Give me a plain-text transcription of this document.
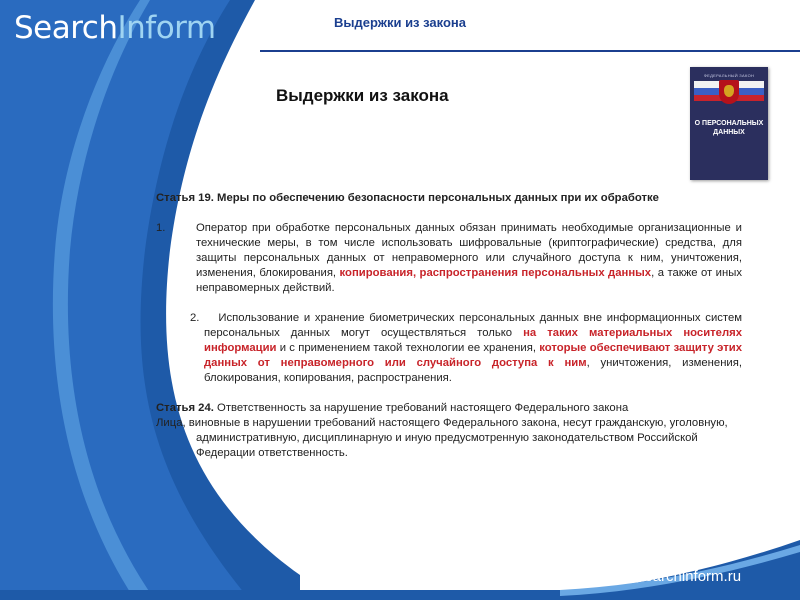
SearchInform	Выдержки из закона
Выдержки из закона
ФЕДЕРАЛЬНЫЙ ЗАКОН
О ПЕРСОНАЛЬНЫХ ДАННЫХ
Статья 19. Меры по обеспечению безопасности персональных данных при их обработке
1.	Оператор при обработке персональных данных обязан принимать необходимые организационные и технические меры, в том числе использовать шифровальные (криптографические) средства, для защиты персональных данных от неправомерного или случайного доступа к ним, уничтожения, изменения, блокирования, копирования, распространения персональных данных, а также от иных неправомерных действий.
2. Использование и хранение биометрических персональных данных вне информационных систем персональных данных могут осуществляться только на таких материальных носителях информации и с применением такой технологии ее хранения, которые обеспечивают защиту этих данных от неправомерного или случайного доступа к ним, уничтожения, изменения, блокирования, копирования, распространения.
Статья 24. Ответственность за нарушение требований настоящего Федерального закона
Лица, виновные в нарушении требований настоящего Федерального закона, несут гражданскую, уголовную, административную, дисциплинарную и иную предусмотренную законодательством Российской Федерации ответственность.
www.searchinform.ru
